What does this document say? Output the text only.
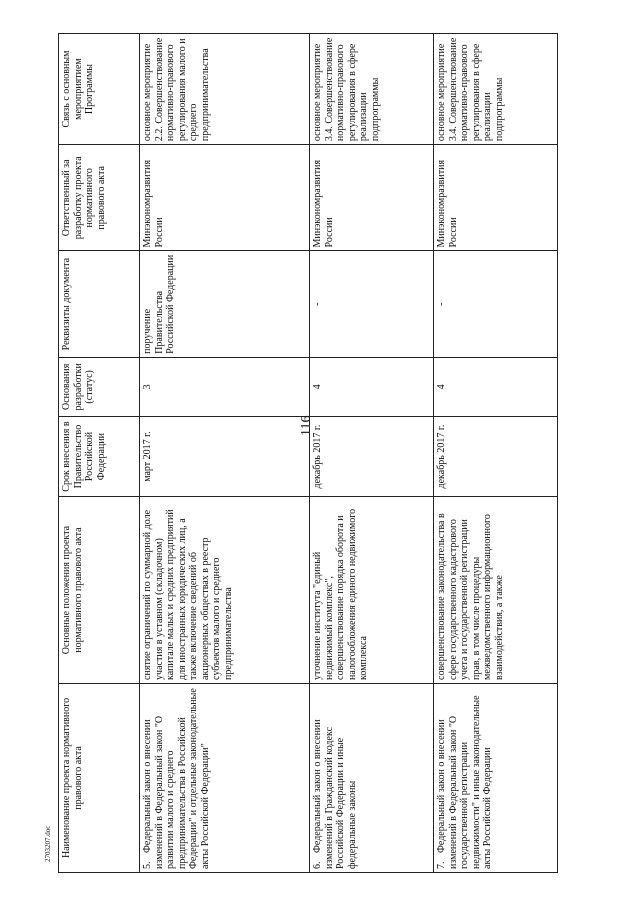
116
2703207.doc Наименование проекта нормативного правового акта	Основные положения проекта нормативного правового акта	Срок внесения в Правительство Российской Федерации	Основания разработки (статус)	Реквизиты документа	Ответственный за разработку проекта нормативного правового акта	Связь с основным мероприятием Программы
5.Федеральный закон о внесении изменений в Федеральный закон "О развитии малого и среднего предпринимательства в Российской Федерации" и отдельные законодательные акты Российской Федерации"	снятие ограничений по суммарной доле участия в уставном (складочном) капитале малых и средних предприятий для иностранных юридических лиц, а также включение сведений об акционерных обществах в реестр субъектов малого и среднего предпринимательства	март 2017 г.	3	поручение Правительства Российской Федерации	Минэкономразвития России	основное мероприятие 2.2. Совершенствование нормативно-правового регулирования малого и среднего предпринимательства
6.Федеральный закон о внесении изменений в Гражданский кодекс Российской Федерации и иные федеральные законы	уточнение института "единый недвижимый комплекс", совершенствование порядка оборота и налогообложения единого недвижимого комплекса	декабрь 2017 г.	4	-	Минэкономразвития России	основное мероприятие 3.4. Совершенствование нормативно-правового регулирования в сфере реализации подпрограммы
7.Федеральный закон о внесении изменений в Федеральный закон "О государственной регистрации недвижимости" и иные законодательные акты Российской Федерации	совершенствование законодательства в сфере государственного кадастрового учета и государственной регистрации прав, в том числе процедуры межведомственного информационного взаимодействия, а также	декабрь 2017 г.	4	-	Минэкономразвития России	основное мероприятие 3.4. Совершенствование нормативно-правового регулирования в сфере реализации подпрограммы
